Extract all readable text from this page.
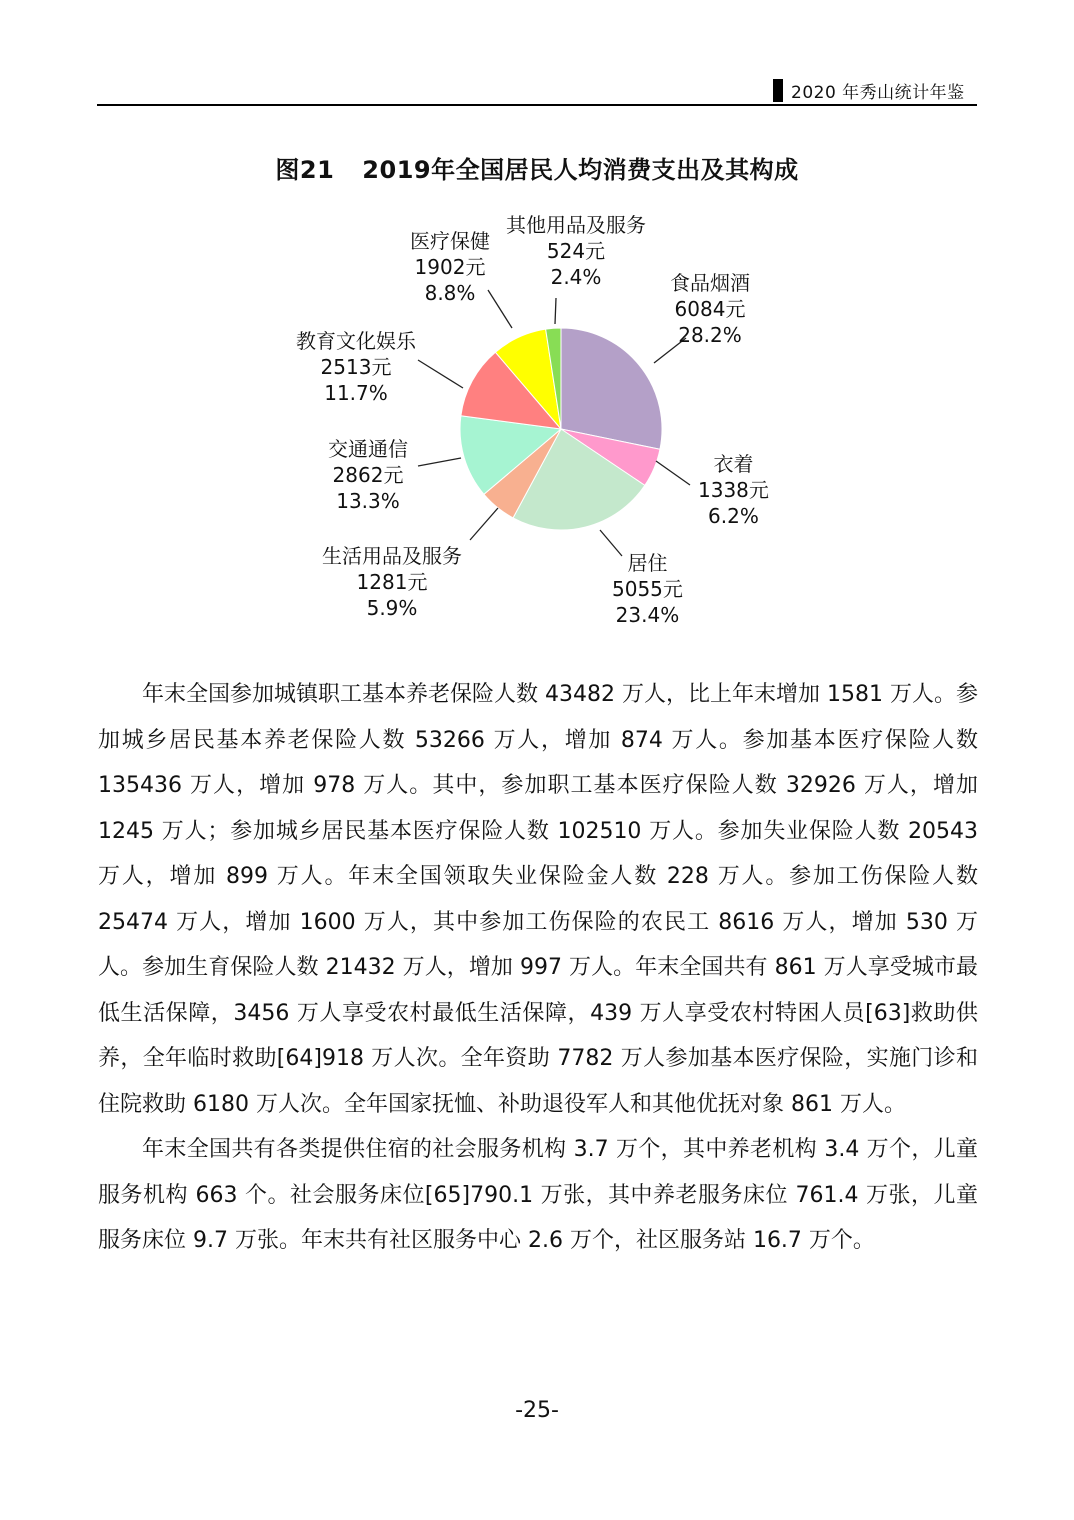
2020 年秀山统计年鉴
图21 2019年全国居民人均消费支出及其构成
食品烟酒
6084元
28.2%
衣着
1338元
6.2%
居住
5055元
23.4%
生活用品及服务
1281元
5.9%
交通通信
2862元
13.3%
教育文化娱乐
2513元
11.7%
医疗保健
1902元
8.8%
其他用品及服务
524元
2.4%

年末全国参加城镇职工基本养老保险人数 43482 万人，比上年末增加 1581 万人。参加城乡居民基本养老保险人数 53266 万人，增加 874 万人。参加基本医疗保险人数 135436 万人，增加 978 万人。其中，参加职工基本医疗保险人数 32926 万人，增加 1245 万人；参加城乡居民基本医疗保险人数 102510 万人。参加失业保险人数 20543 万人，增加 899 万人。年末全国领取失业保险金人数 228 万人。参加工伤保险人数 25474 万人，增加 1600 万人，其中参加工伤保险的农民工 8616 万人，增加 530 万人。参加生育保险人数 21432 万人，增加 997 万人。年末全国共有 861 万人享受城市最低生活保障，3456 万人享受农村最低生活保障，439 万人享受农村特困人员[63]救助供养，全年临时救助[64]918 万人次。全年资助 7782 万人参加基本医疗保险，实施门诊和住院救助 6180 万人次。全年国家抚恤、补助退役军人和其他优抚对象 861 万人。

年末全国共有各类提供住宿的社会服务机构 3.7 万个，其中养老机构 3.4 万个，儿童服务机构 663 个。社会服务床位[65]790.1 万张，其中养老服务床位 761.4 万张，儿童服务床位 9.7 万张。年末共有社区服务中心 2.6 万个，社区服务站 16.7 万个。

-25-
